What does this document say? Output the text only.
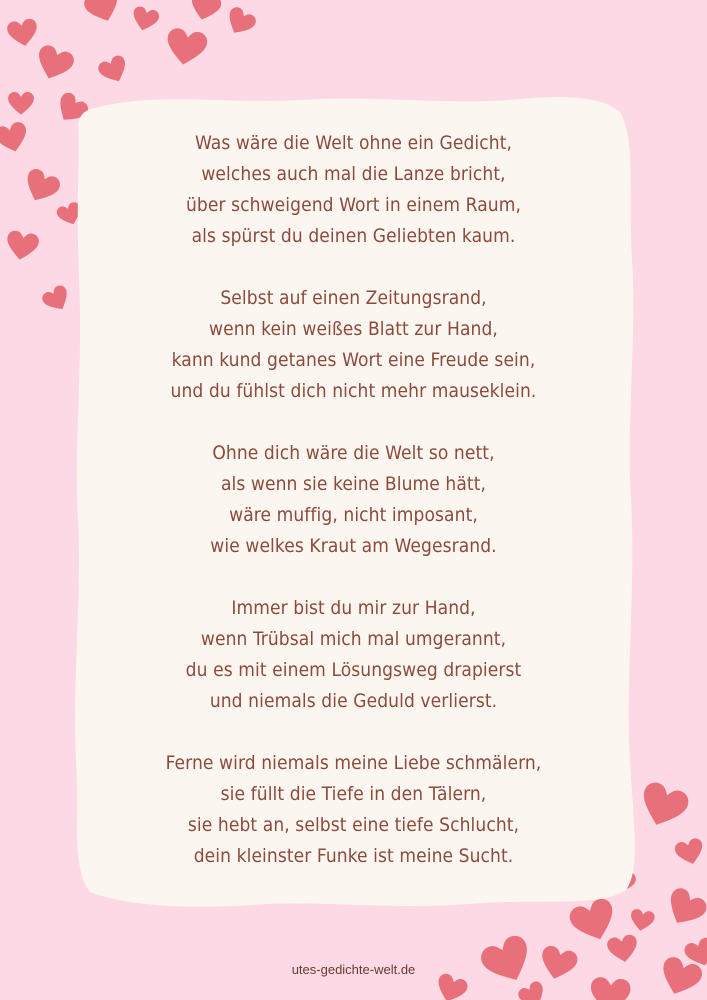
Was wäre die Welt ohne ein Gedicht,
welches auch mal die Lanze bricht,
über schweigend Wort in einem Raum,
als spürst du deinen Geliebten kaum.
Selbst auf einen Zeitungsrand,
wenn kein weißes Blatt zur Hand,
kann kund getanes Wort eine Freude sein,
und du fühlst dich nicht mehr mauseklein.
Ohne dich wäre die Welt so nett,
als wenn sie keine Blume hätt,
wäre muffig, nicht imposant,
wie welkes Kraut am Wegesrand.
Immer bist du mir zur Hand,
wenn Trübsal mich mal umgerannt,
du es mit einem Lösungsweg drapierst
und niemals die Geduld verlierst.
Ferne wird niemals meine Liebe schmälern,
sie füllt die Tiefe in den Tälern,
sie hebt an, selbst eine tiefe Schlucht,
dein kleinster Funke ist meine Sucht.
utes-gedichte-welt.de
